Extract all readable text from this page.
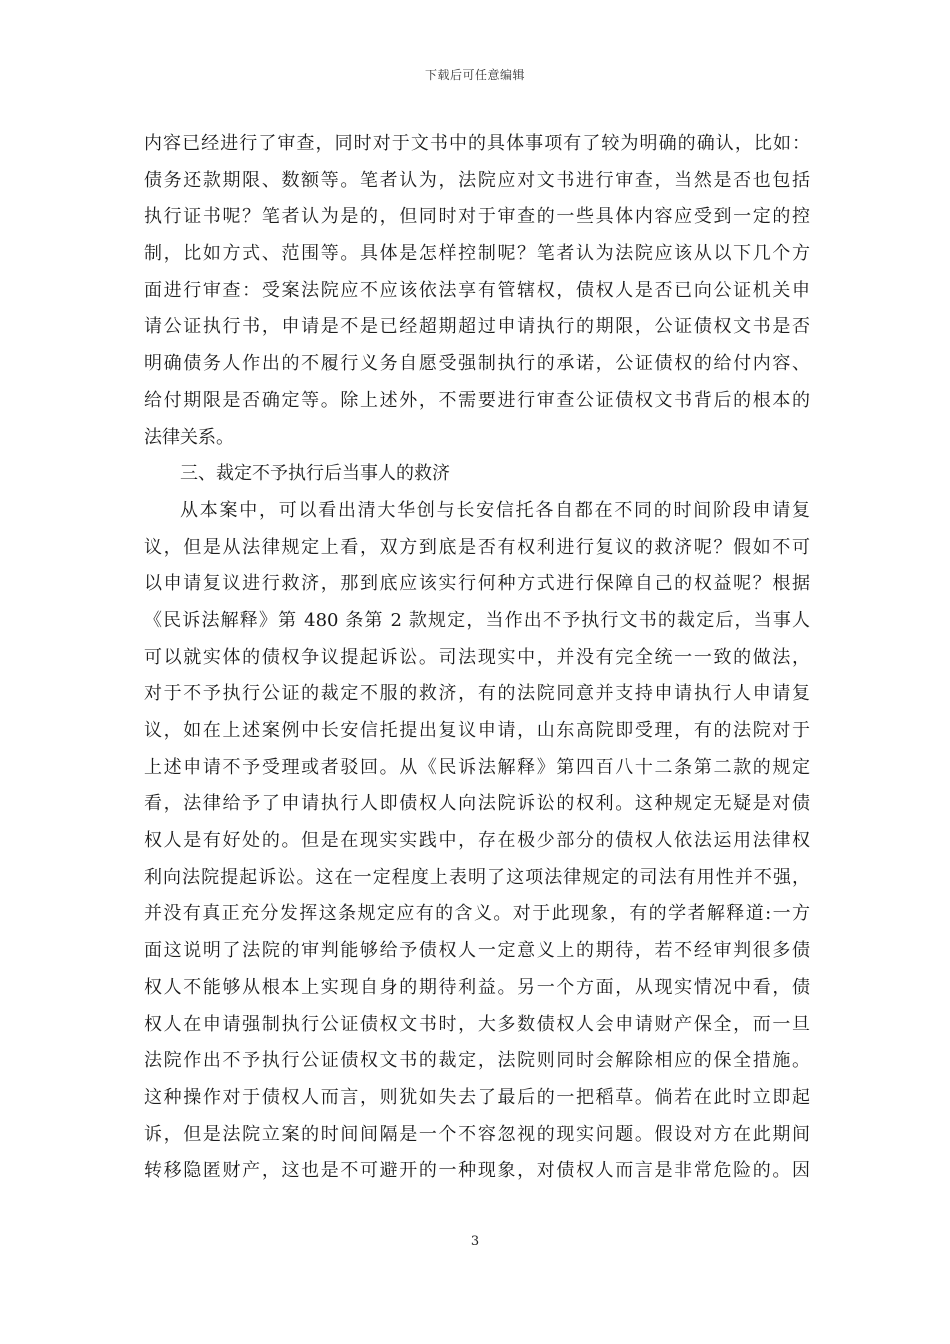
下载后可任意编辑
内容已经进行了审查，同时对于文书中的具体事项有了较为明确的确认，比如：
债务还款期限、数额等。笔者认为，法院应对文书进行审查，当然是否也包括
执行证书呢？笔者认为是的，但同时对于审查的一些具体内容应受到一定的控
制，比如方式、范围等。具体是怎样控制呢？笔者认为法院应该从以下几个方
面进行审查：受案法院应不应该依法享有管辖权，债权人是否已向公证机关申
请公证执行书，申请是不是已经超期超过申请执行的期限，公证债权文书是否
明确债务人作出的不履行义务自愿受强制执行的承诺，公证债权的给付内容、
给付期限是否确定等。除上述外，不需要进行审查公证债权文书背后的根本的
法律关系。
三、裁定不予执行后当事人的救济
从本案中，可以看出清大华创与长安信托各自都在不同的时间阶段申请复
议，但是从法律规定上看，双方到底是否有权利进行复议的救济呢？假如不可
以申请复议进行救济，那到底应该实行何种方式进行保障自己的权益呢？根据
《民诉法解释》第 480 条第 2 款规定，当作出不予执行文书的裁定后，当事人
可以就实体的债权争议提起诉讼。司法现实中，并没有完全统一一致的做法，
对于不予执行公证的裁定不服的救济，有的法院同意并支持申请执行人申请复
议，如在上述案例中长安信托提出复议申请，山东高院即受理，有的法院对于
上述申请不予受理或者驳回。从《民诉法解释》第四百八十二条第二款的规定
看，法律给予了申请执行人即债权人向法院诉讼的权利。这种规定无疑是对债
权人是有好处的。但是在现实实践中，存在极少部分的债权人依法运用法律权
利向法院提起诉讼。这在一定程度上表明了这项法律规定的司法有用性并不强，
并没有真正充分发挥这条规定应有的含义。对于此现象，有的学者解释道:一方
面这说明了法院的审判能够给予债权人一定意义上的期待，若不经审判很多债
权人不能够从根本上实现自身的期待利益。另一个方面，从现实情况中看，债
权人在申请强制执行公证债权文书时，大多数债权人会申请财产保全，而一旦
法院作出不予执行公证债权文书的裁定，法院则同时会解除相应的保全措施。
这种操作对于债权人而言，则犹如失去了最后的一把稻草。倘若在此时立即起
诉，但是法院立案的时间间隔是一个不容忽视的现实问题。假设对方在此期间
转移隐匿财产，这也是不可避开的一种现象，对债权人而言是非常危险的。因
3
